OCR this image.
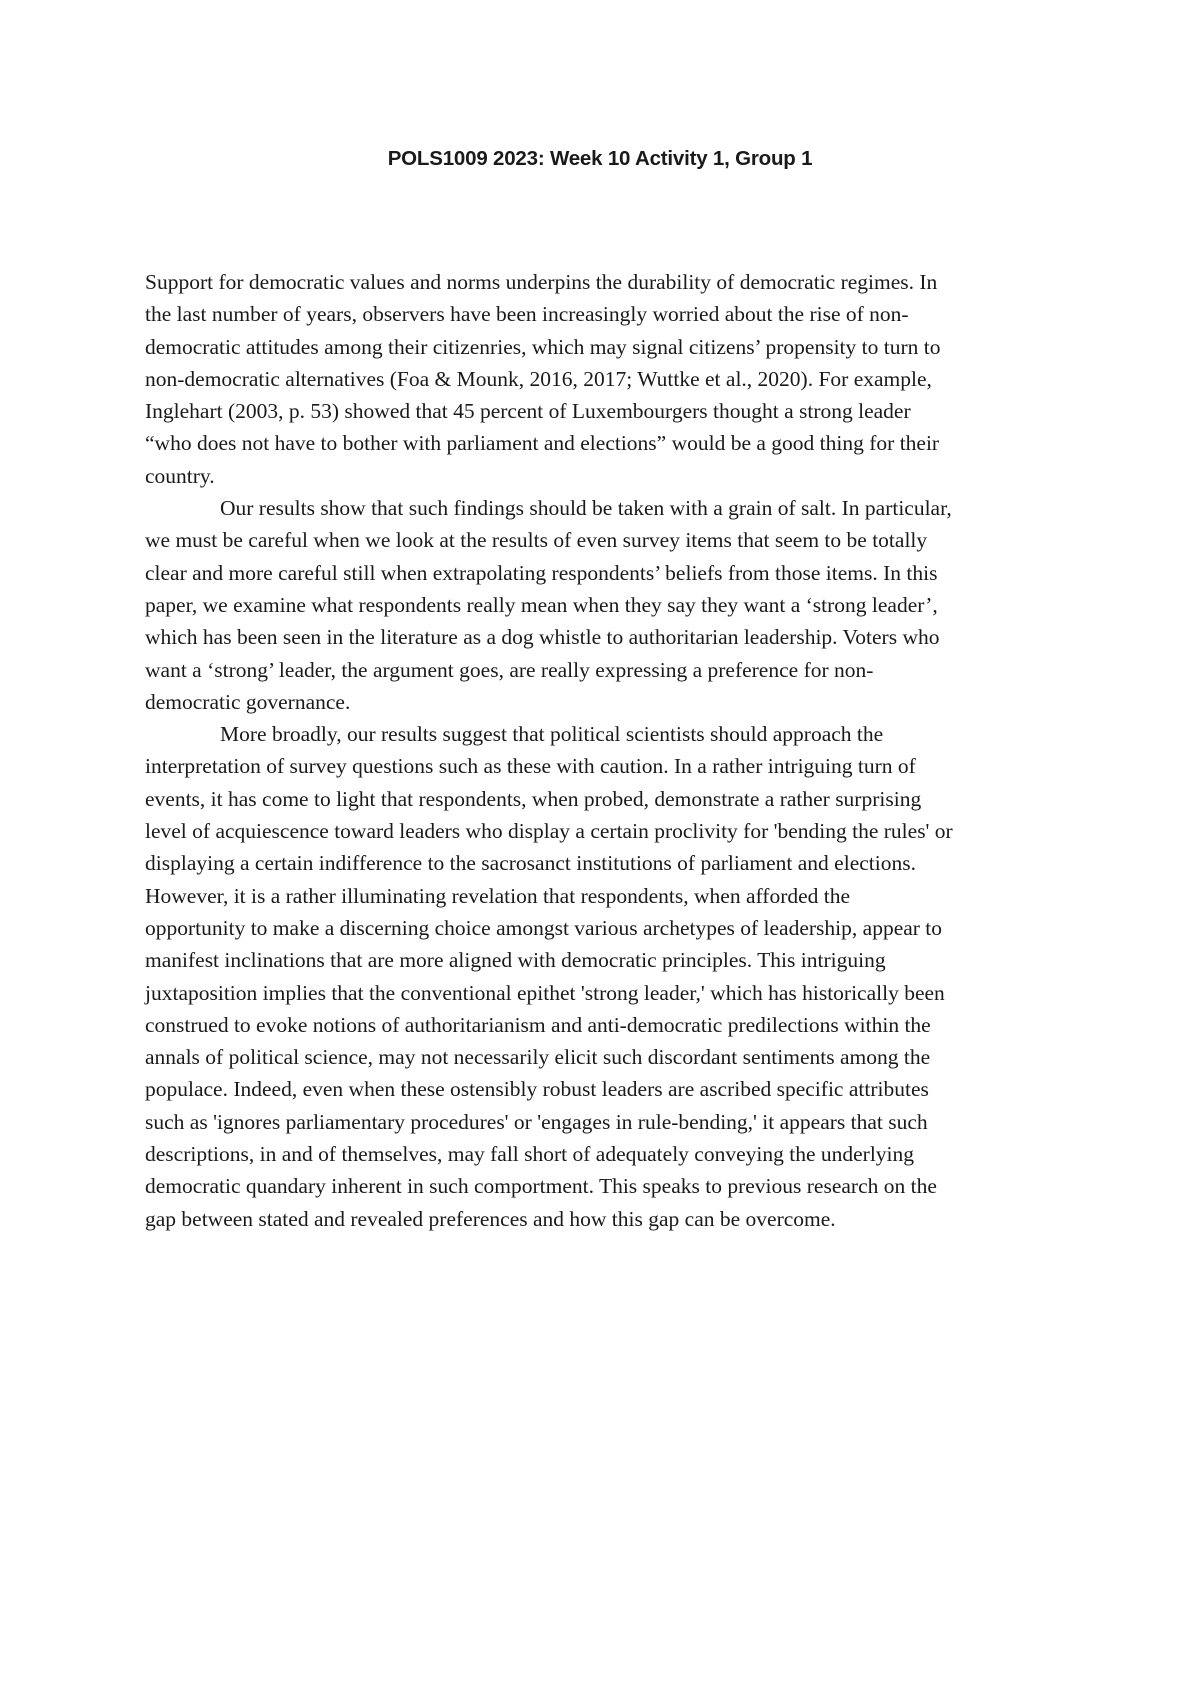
POLS1009 2023: Week 10 Activity 1, Group 1
Support for democratic values and norms underpins the durability of democratic regimes. In
the last number of years, observers have been increasingly worried about the rise of non-
democratic attitudes among their citizenries, which may signal citizens’ propensity to turn to
non-democratic alternatives (Foa & Mounk, 2016, 2017; Wuttke et al., 2020). For example,
Inglehart (2003, p. 53) showed that 45 percent of Luxembourgers thought a strong leader
“who does not have to bother with parliament and elections” would be a good thing for their
country.
Our results show that such findings should be taken with a grain of salt. In particular,
we must be careful when we look at the results of even survey items that seem to be totally
clear and more careful still when extrapolating respondents’ beliefs from those items. In this
paper, we examine what respondents really mean when they say they want a ‘strong leader’,
which has been seen in the literature as a dog whistle to authoritarian leadership. Voters who
want a ‘strong’ leader, the argument goes, are really expressing a preference for non-
democratic governance.
More broadly, our results suggest that political scientists should approach the
interpretation of survey questions such as these with caution. In a rather intriguing turn of
events, it has come to light that respondents, when probed, demonstrate a rather surprising
level of acquiescence toward leaders who display a certain proclivity for 'bending the rules' or
displaying a certain indifference to the sacrosanct institutions of parliament and elections.
However, it is a rather illuminating revelation that respondents, when afforded the
opportunity to make a discerning choice amongst various archetypes of leadership, appear to
manifest inclinations that are more aligned with democratic principles. This intriguing
juxtaposition implies that the conventional epithet 'strong leader,' which has historically been
construed to evoke notions of authoritarianism and anti-democratic predilections within the
annals of political science, may not necessarily elicit such discordant sentiments among the
populace. Indeed, even when these ostensibly robust leaders are ascribed specific attributes
such as 'ignores parliamentary procedures' or 'engages in rule-bending,' it appears that such
descriptions, in and of themselves, may fall short of adequately conveying the underlying
democratic quandary inherent in such comportment. This speaks to previous research on the
gap between stated and revealed preferences and how this gap can be overcome.
